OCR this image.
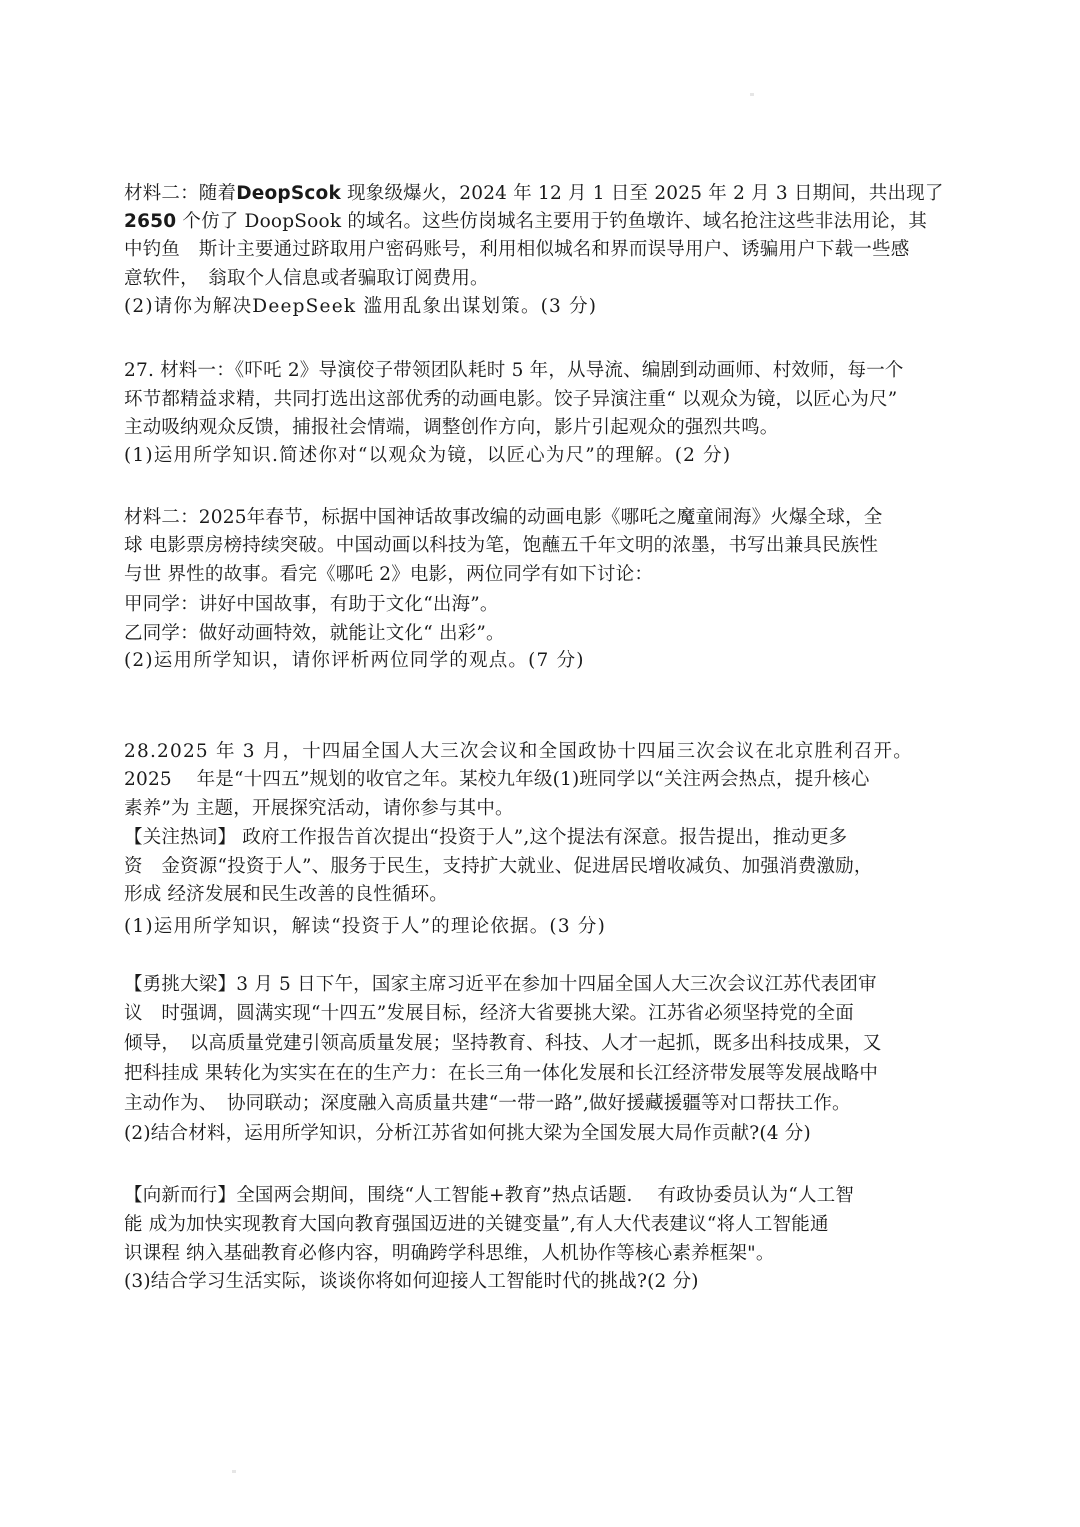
材料二：随着DeopScok 现象级爆火，2024 年 12 月 1 日至 2025 年 2 月 3 日期间，共出现了
2650 个仿了 DoopSook 的域名。这些仿岗城名主要用于钓鱼墩许、域名抢注这些非法用论，其
中钓鱼　斯计主要通过跻取用户密码账号，利用相似城名和界而误导用户、诱骗用户下载一些感
意软件，　翁取个人信息或者骗取订阅费用。
(2)请你为解决DeepSeek 滥用乱象出谋划策。(3 分)
27. 材料一：《吓吒 2》导演佼子带领团队耗时 5 年，从导流、编剧到动画师、村效师，每一个
环节都精益求精，共同打选出这部优秀的动画电影。饺子异演注重“ 以观众为镜，以匠心为尺”
主动吸纳观众反馈，捕报社会情端，调整创作方向，影片引起观众的强烈共鸣。
(1)运用所学知识.简述你对“以观众为镜，以匠心为尺”的理解。(2 分)
材料二：2025年春节，标据中国神话故事改编的动画电影《哪吒之魔童闹海》火爆全球，全
球 电影票房榜持续突破。中国动画以科技为笔，饱蘸五千年文明的浓墨，书写出兼具民族性
与世 界性的故事。看完《哪吒 2》电影，两位同学有如下讨论：
甲同学：讲好中国故事，有助于文化“出海”。
乙同学：做好动画特效，就能让文化“ 出彩”。
(2)运用所学知识，请你评析两位同学的观点。(7 分)
28.2025 年 3 月，十四届全国人大三次会议和全国政协十四届三次会议在北京胜利召开。
2025　 年是“十四五”规划的收官之年。某校九年级(1)班同学以“关注两会热点，提升核心
素养”为 主题，开展探究活动，请你参与其中。
【关注热词】 政府工作报告首次提出“投资于人”,这个提法有深意。报告提出，推动更多
资　金资源“投资于人”、服务于民生，支持扩大就业、促进居民增收减负、加强消费激励，
形成 经济发展和民生改善的良性循环。
(1)运用所学知识，解读“投资于人”的理论依据。(3 分)
【勇挑大梁】3 月 5 日下午，国家主席习近平在参加十四届全国人大三次会议江苏代表团审
议　时强调，圆满实现“十四五”发展目标，经济大省要挑大梁。江苏省必须坚持党的全面
倾导，　以高质量党建引领高质量发展；坚持教育、科技、人才一起抓，既多出科技成果，又
把科挂成 果转化为实实在在的生产力：在长三角一体化发展和长江经济带发展等发展战略中
主动作为、　协同联动；深度融入高质量共建“一带一路”,做好援藏援疆等对口帮扶工作。
(2)结合材料，运用所学知识，分析江苏省如何挑大梁为全国发展大局作贡献?(4 分)
【向新而行】全国两会期间，围绕“人工智能+教育”热点话题.　 有政协委员认为“人工智
能 成为加快实现教育大国向教育强国迈进的关键变量”,有人大代表建议“将人工智能通
识课程 纳入基础教育必修内容，明确跨学科思维，人机协作等核心素养框架"。
(3)结合学习生活实际，谈谈你将如何迎接人工智能时代的挑战?(2 分)
